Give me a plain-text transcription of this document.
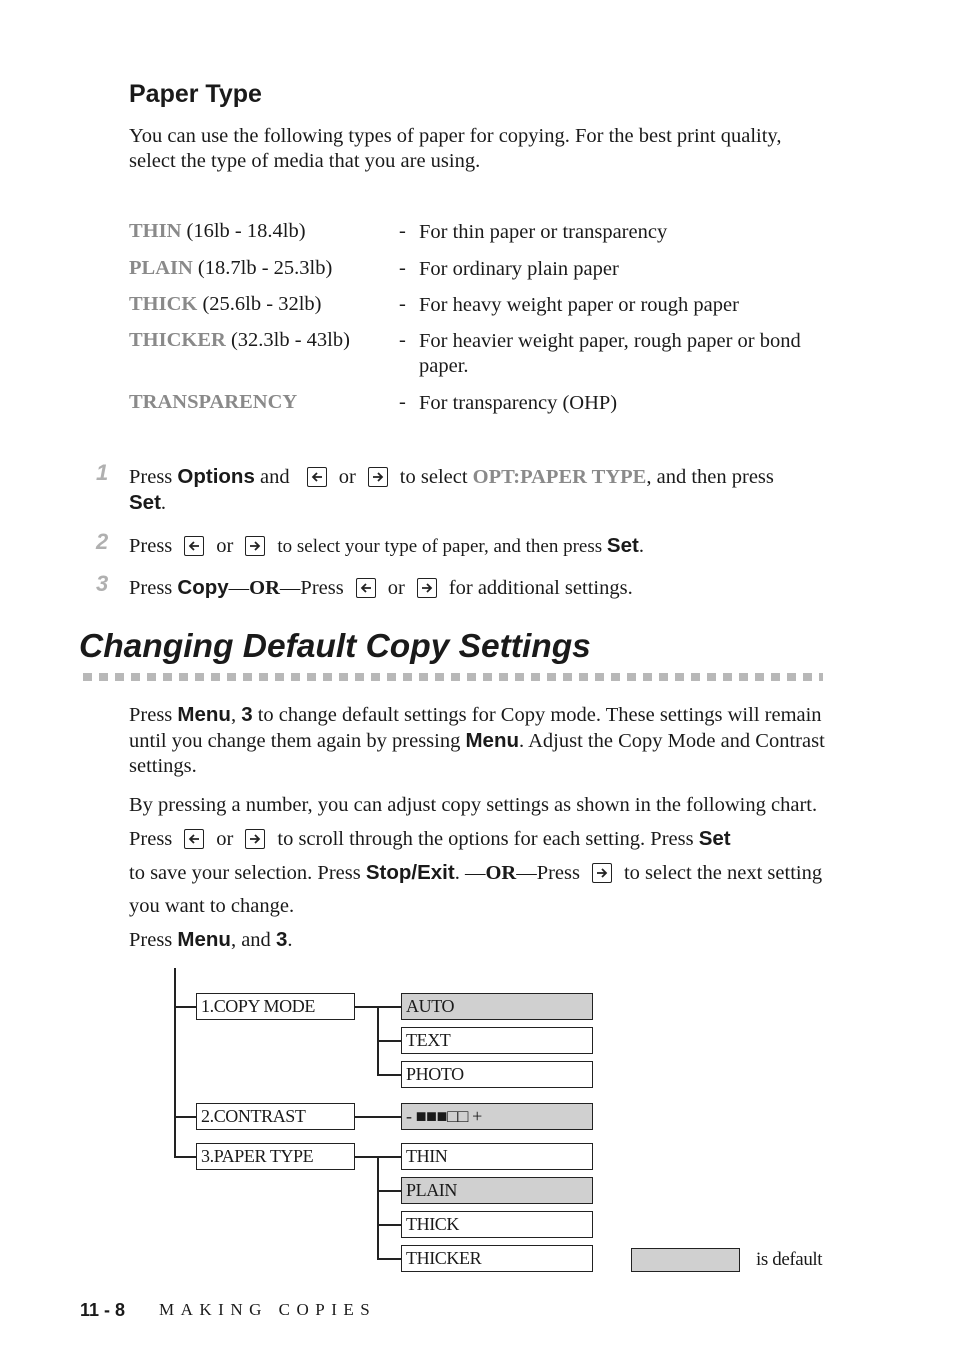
Paper Type
You can use the following types of paper for copying. For the best print quality, select the type of media that you are using.
THIN (16lb - 18.4lb)	- For thin paper or transparency
PLAIN (18.7lb - 25.3lb)	- For ordinary plain paper
THICK (25.6lb - 32lb)	- For heavy weight paper or rough paper
THICKER (32.3lb - 43lb)	- For heavier weight paper, rough paper or bond paper.
TRANSPARENCY	- For transparency (OHP)
1 Press Options and
or to select OPT:PAPER TYPE, and then press
Set.
2 Press or to select your type of paper, and then press Set.
3 Press Copy—OR—Press or for additional settings.
Changing Default Copy Settings
Press Menu, 3 to change default settings for Copy mode. These settings will remain until you change them again by pressing Menu. Adjust the Copy Mode and Contrast settings.
By pressing a number, you can adjust copy settings as shown in the following chart. Press or to scroll through the options for each setting. Press Set
to save your selection. Press Stop/Exit. —OR—Press to select the next setting you want to change.
Press Menu, and 3.
1.COPY MODE
2.CONTRAST
3.PAPER TYPE
AUTO
TEXT
PHOTO
- ■■■□□ +
THIN
PLAIN
THICK
THICKER	is default
11 - 8 MAKING COPIES
